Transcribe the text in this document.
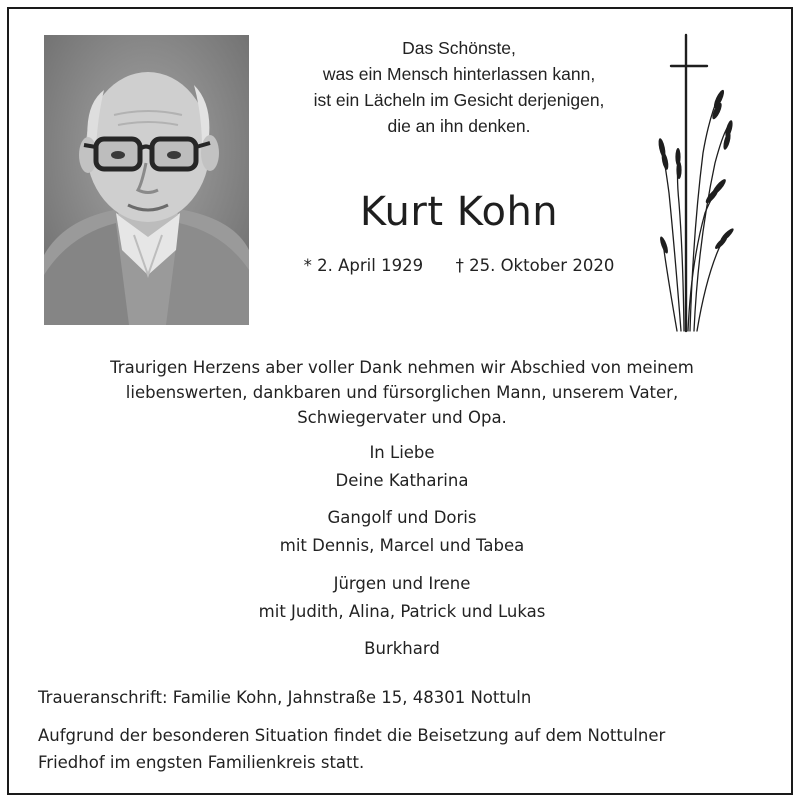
Das Schönste,
was ein Mensch hinterlassen kann,
ist ein Lächeln im Gesicht derjenigen,
die an ihn denken.
Kurt Kohn
* 2. April 1929 † 25. Oktober 2020
Traurigen Herzens aber voller Dank nehmen wir Abschied von meinem
liebenswerten, dankbaren und fürsorglichen Mann, unserem Vater,
Schwiegervater und Opa.
In Liebe
Deine Katharina
Gangolf und Doris
mit Dennis, Marcel und Tabea
Jürgen und Irene
mit Judith, Alina, Patrick und Lukas
Burkhard
Traueranschrift: Familie Kohn, Jahnstraße 15, 48301 Nottuln
Aufgrund der besonderen Situation findet die Beisetzung auf dem Nottulner
Friedhof im engsten Familienkreis statt.
